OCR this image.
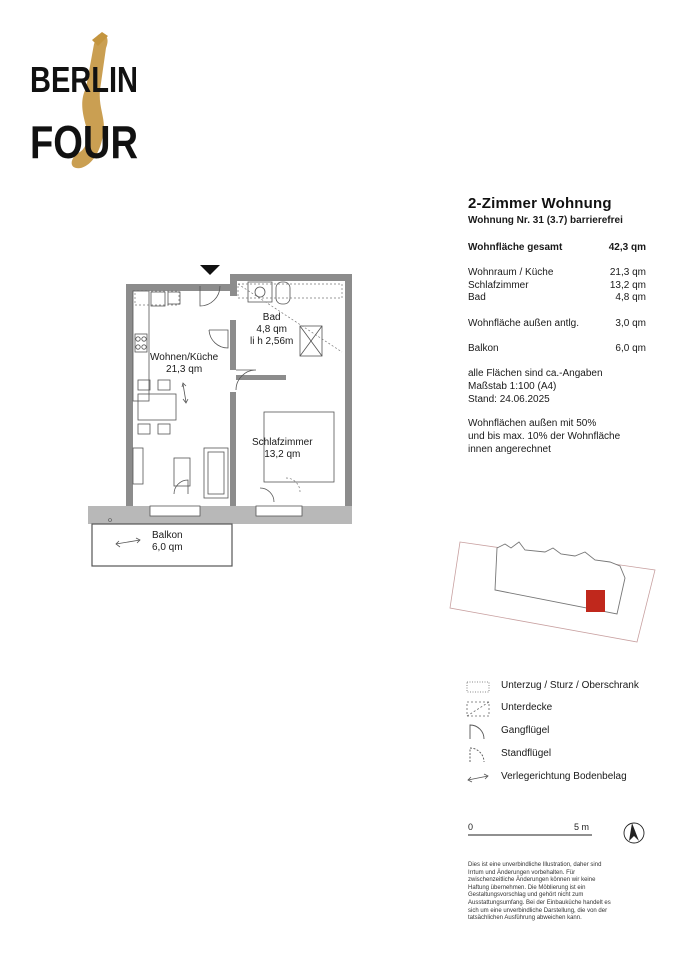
BERLIN
FOUR
2-Zimmer Wohnung
Wohnung Nr. 31 (3.7) barrierefrei
Wohnfläche gesamt	42,3 qm
Wohnraum / Küche	21,3 qm
Schlafzimmer	13,2 qm
Bad	4,8 qm
Wohnfläche außen antlg.	3,0 qm
Balkon	6,0 qm
alle Flächen sind ca.-Angaben
Maßstab 1:100 (A4)
Stand: 24.06.2025
Wohnflächen außen mit 50%
und bis max. 10% der Wohnfläche
innen angerechnet
Wohnen/Küche
21,3 qm
Bad
4,8 qm
li h 2,56m
Schlafzimmer
13,2 qm
Balkon
6,0 qm
Unterzug / Sturz / Oberschrank
Unterdecke
Gangflügel
Standflügel
Verlegerichtung Bodenbelag
0	5 m
Dies ist eine unverbindliche Illustration, daher sind
Irrtum und Änderungen vorbehalten. Für
zwischenzeitliche Änderungen können wir keine
Haftung übernehmen. Die Möblierung ist ein
Gestaltungsvorschlag und gehört nicht zum
Ausstattungsumfang. Bei der Einbauküche handelt es
sich um eine unverbindliche Darstellung, die von der
tatsächlichen Ausführung abweichen kann.
